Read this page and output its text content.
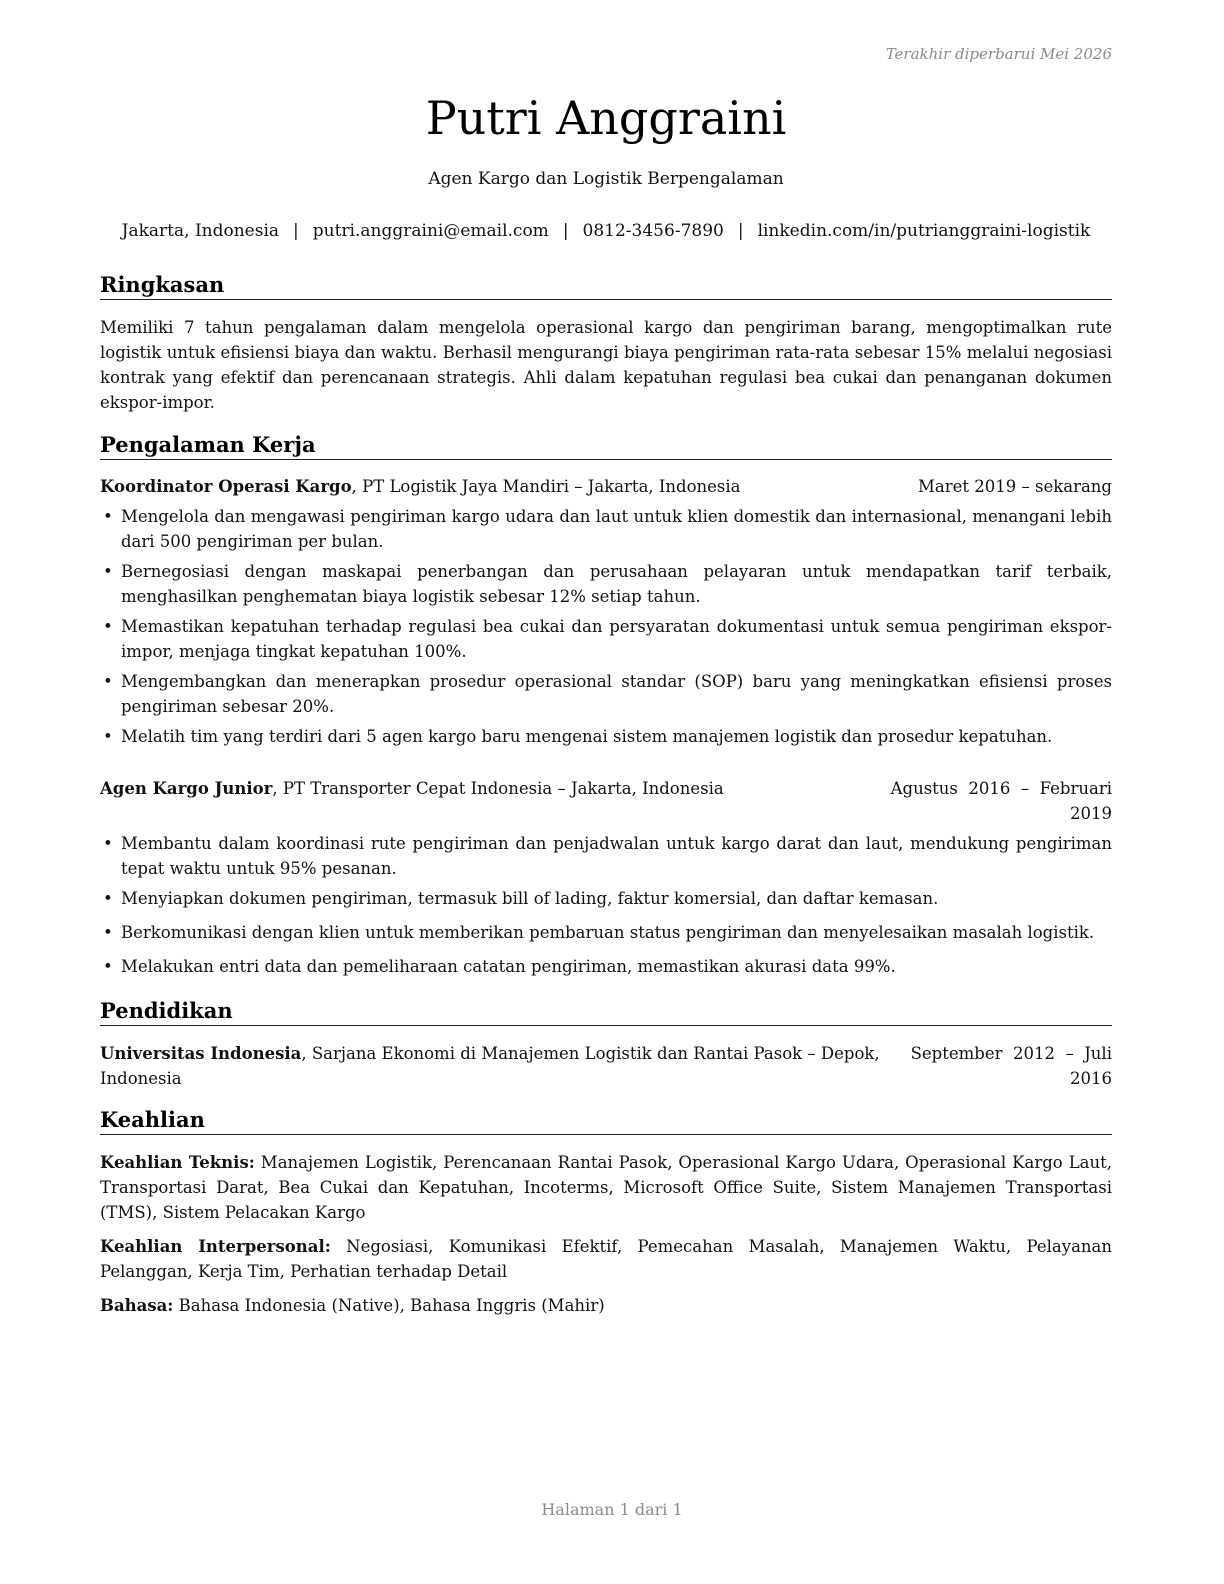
Terakhir diperbarui Mei 2026
Putri Anggraini
Agen Kargo dan Logistik Berpengalaman
Jakarta, Indonesia | putri.anggraini@email.com | 0812-3456-7890 | linkedin.com/in/putrianggraini-logistik
Ringkasan
Memiliki 7 tahun pengalaman dalam mengelola operasional kargo dan pengiriman barang, mengoptimalkan rute logistik untuk efisiensi biaya dan waktu. Berhasil mengurangi biaya pengiriman rata-rata sebesar 15% melalui negosiasi kontrak yang efektif dan perencanaan strategis. Ahli dalam kepatuhan regulasi bea cukai dan penanganan dokumen ekspor-impor.
Pengalaman Kerja
Koordinator Operasi Kargo, PT Logistik Jaya Mandiri – Jakarta, Indonesia	Maret 2019 – sekarang
• Mengelola dan mengawasi pengiriman kargo udara dan laut untuk klien domestik dan internasional, menangani lebih dari 500 pengiriman per bulan.
• Bernegosiasi dengan maskapai penerbangan dan perusahaan pelayaran untuk mendapatkan tarif terbaik, menghasilkan penghematan biaya logistik sebesar 12% setiap tahun.
• Memastikan kepatuhan terhadap regulasi bea cukai dan persyaratan dokumentasi untuk semua pengiriman ekspor-impor, menjaga tingkat kepatuhan 100%.
• Mengembangkan dan menerapkan prosedur operasional standar (SOP) baru yang meningkatkan efisiensi proses pengiriman sebesar 20%.
• Melatih tim yang terdiri dari 5 agen kargo baru mengenai sistem manajemen logistik dan prosedur kepatuhan.
Agen Kargo Junior, PT Transporter Cepat Indonesia – Jakarta, Indonesia	Agustus  2016  –  Februari
2019
• Membantu dalam koordinasi rute pengiriman dan penjadwalan untuk kargo darat dan laut, mendukung pengiriman tepat waktu untuk 95% pesanan.
• Menyiapkan dokumen pengiriman, termasuk bill of lading, faktur komersial, dan daftar kemasan.
• Berkomunikasi dengan klien untuk memberikan pembaruan status pengiriman dan menyelesaikan masalah logistik.
• Melakukan entri data dan pemeliharaan catatan pengiriman, memastikan akurasi data 99%.
Pendidikan
Universitas Indonesia, Sarjana Ekonomi di Manajemen Logistik dan Rantai Pasok – Depok,
Indonesia
September  2012  –  Juli
2016
Keahlian
Keahlian Teknis: Manajemen Logistik, Perencanaan Rantai Pasok, Operasional Kargo Udara, Operasional Kargo Laut, Transportasi Darat, Bea Cukai dan Kepatuhan, Incoterms, Microsoft Office Suite, Sistem Manajemen Transportasi (TMS), Sistem Pelacakan Kargo
Keahlian Interpersonal: Negosiasi, Komunikasi Efektif, Pemecahan Masalah, Manajemen Waktu, Pelayanan Pelanggan, Kerja Tim, Perhatian terhadap Detail
Bahasa: Bahasa Indonesia (Native), Bahasa Inggris (Mahir)
Halaman 1 dari 1
